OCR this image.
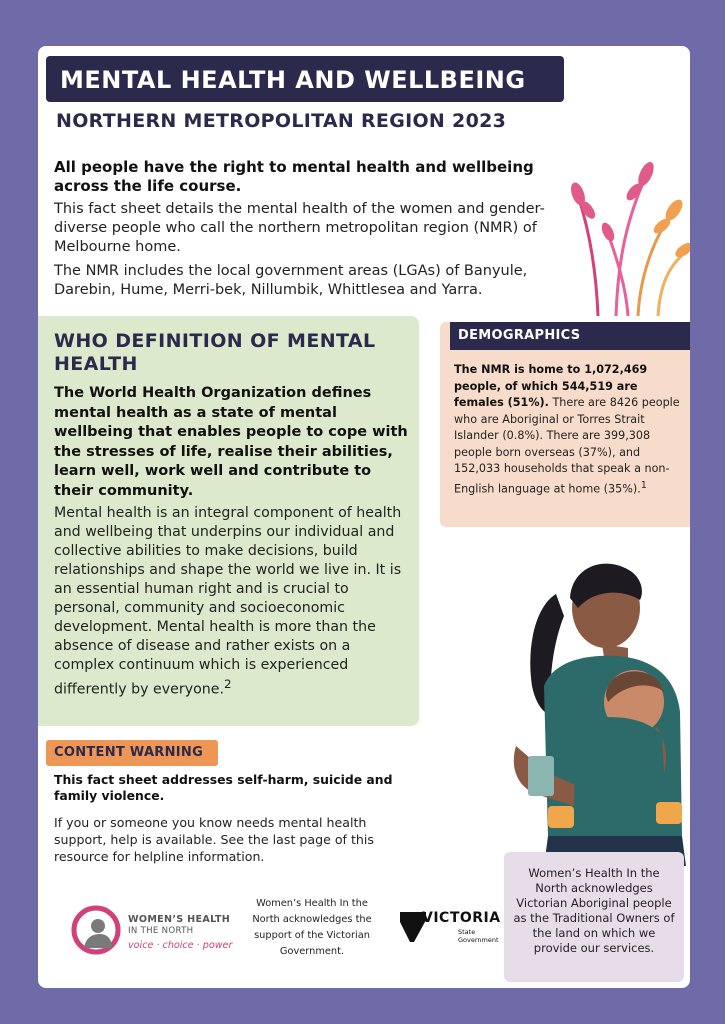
MENTAL HEALTH AND WELLBEING
NORTHERN METROPOLITAN REGION 2023
All people have the right to mental health and wellbeing across the life course.
This fact sheet details the mental health of the women and gender-diverse people who call the northern metropolitan region (NMR) of Melbourne home.
The NMR includes the local government areas (LGAs) of Banyule, Darebin, Hume, Merri-bek, Nillumbik, Whittlesea and Yarra.
WHO DEFINITION OF MENTAL HEALTH
The World Health Organization defines mental health as a state of mental wellbeing that enables people to cope with the stresses of life, realise their abilities, learn well, work well and contribute to their community.
Mental health is an integral component of health and wellbeing that underpins our individual and collective abilities to make decisions, build relationships and shape the world we live in. It is an essential human right and is crucial to personal, community and socioeconomic development. Mental health is more than the absence of disease and rather exists on a complex continuum which is experienced differently by everyone.$^2$
DEMOGRAPHICS
The NMR is home to 1,072,469 people, of which 544,519 are females (51%). There are 8426 people who are Aboriginal or Torres Strait Islander (0.8%). There are 399,308 people born overseas (37%), and 152,033 households that speak a non-English language at home (35%).$^1$
CONTENT WARNING
This fact sheet addresses self-harm, suicide and family violence.
If you or someone you know needs mental health support, help is available. See the last page of this resource for helpline information.
Women’s Health In the North acknowledges Victorian Aboriginal people as the Traditional Owners of the land on which we provide our services.
WOMEN’S HEALTH
IN THE NORTH
voice · choice · power
Women’s Health In the North acknowledges the support of the Victorian Government.
VICTORIA
State
Government
